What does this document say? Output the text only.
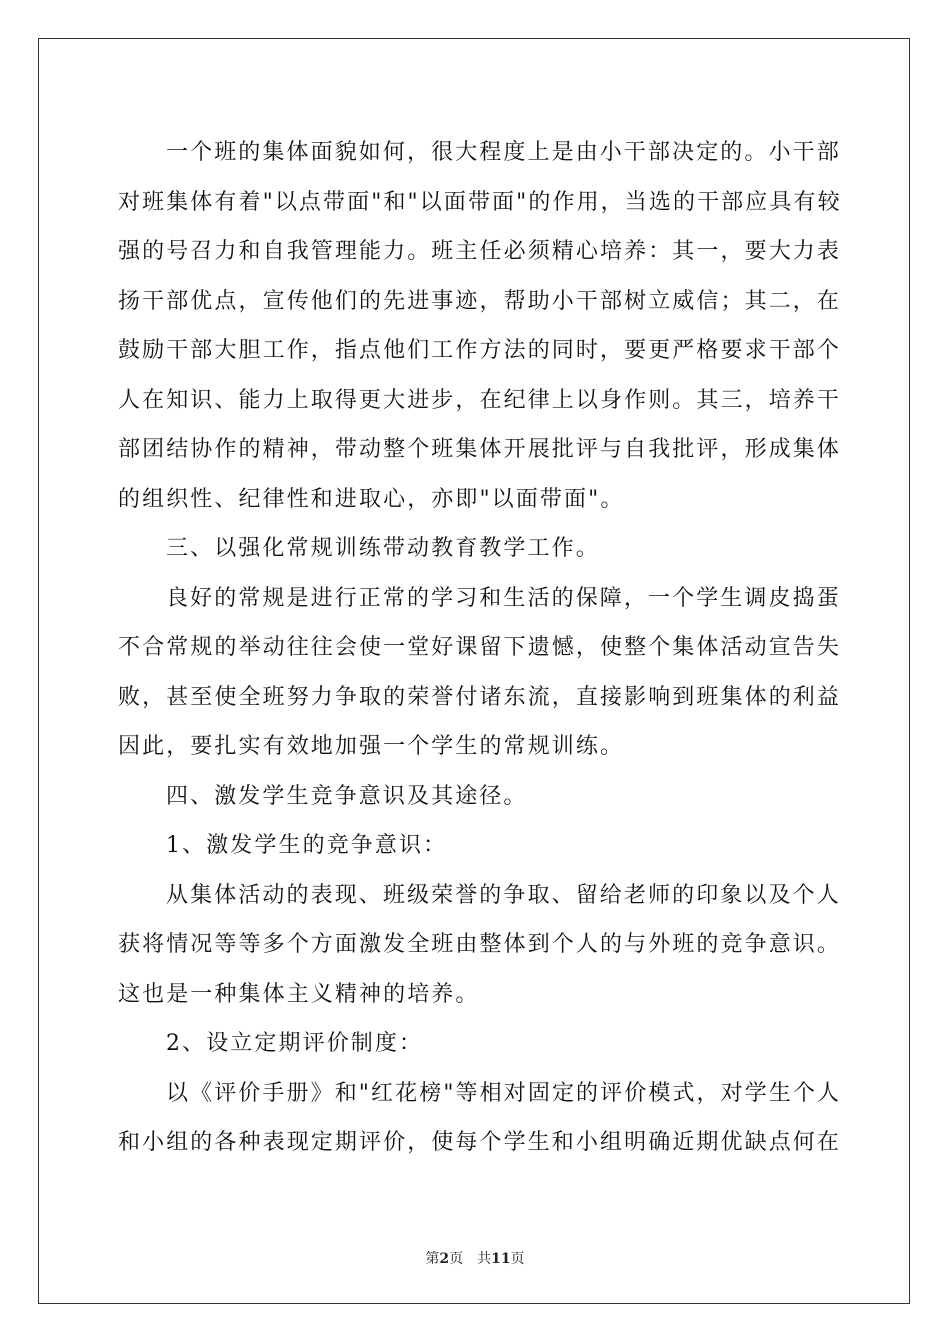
一个班的集体面貌如何，很大程度上是由小干部决定的。小干部
对班集体有着"以点带面"和"以面带面"的作用，当选的干部应具有较
强的号召力和自我管理能力。班主任必须精心培养：其一，要大力表
扬干部优点，宣传他们的先进事迹，帮助小干部树立威信；其二，在
鼓励干部大胆工作，指点他们工作方法的同时，要更严格要求干部个
人在知识、能力上取得更大进步，在纪律上以身作则。其三，培养干
部团结协作的精神，带动整个班集体开展批评与自我批评，形成集体
的组织性、纪律性和进取心，亦即"以面带面"。
三、以强化常规训练带动教育教学工作。
良好的常规是进行正常的学习和生活的保障，一个学生调皮捣蛋
不合常规的举动往往会使一堂好课留下遗憾，使整个集体活动宣告失
败，甚至使全班努力争取的荣誉付诸东流，直接影响到班集体的利益
因此，要扎实有效地加强一个学生的常规训练。
四、激发学生竞争意识及其途径。
1、激发学生的竞争意识：
从集体活动的表现、班级荣誉的争取、留给老师的印象以及个人
获将情况等等多个方面激发全班由整体到个人的与外班的竞争意识。
这也是一种集体主义精神的培养。
2、设立定期评价制度：
以《评价手册》和"红花榜"等相对固定的评价模式，对学生个人
和小组的各种表现定期评价，使每个学生和小组明确近期优缺点何在
第2页 共11页
